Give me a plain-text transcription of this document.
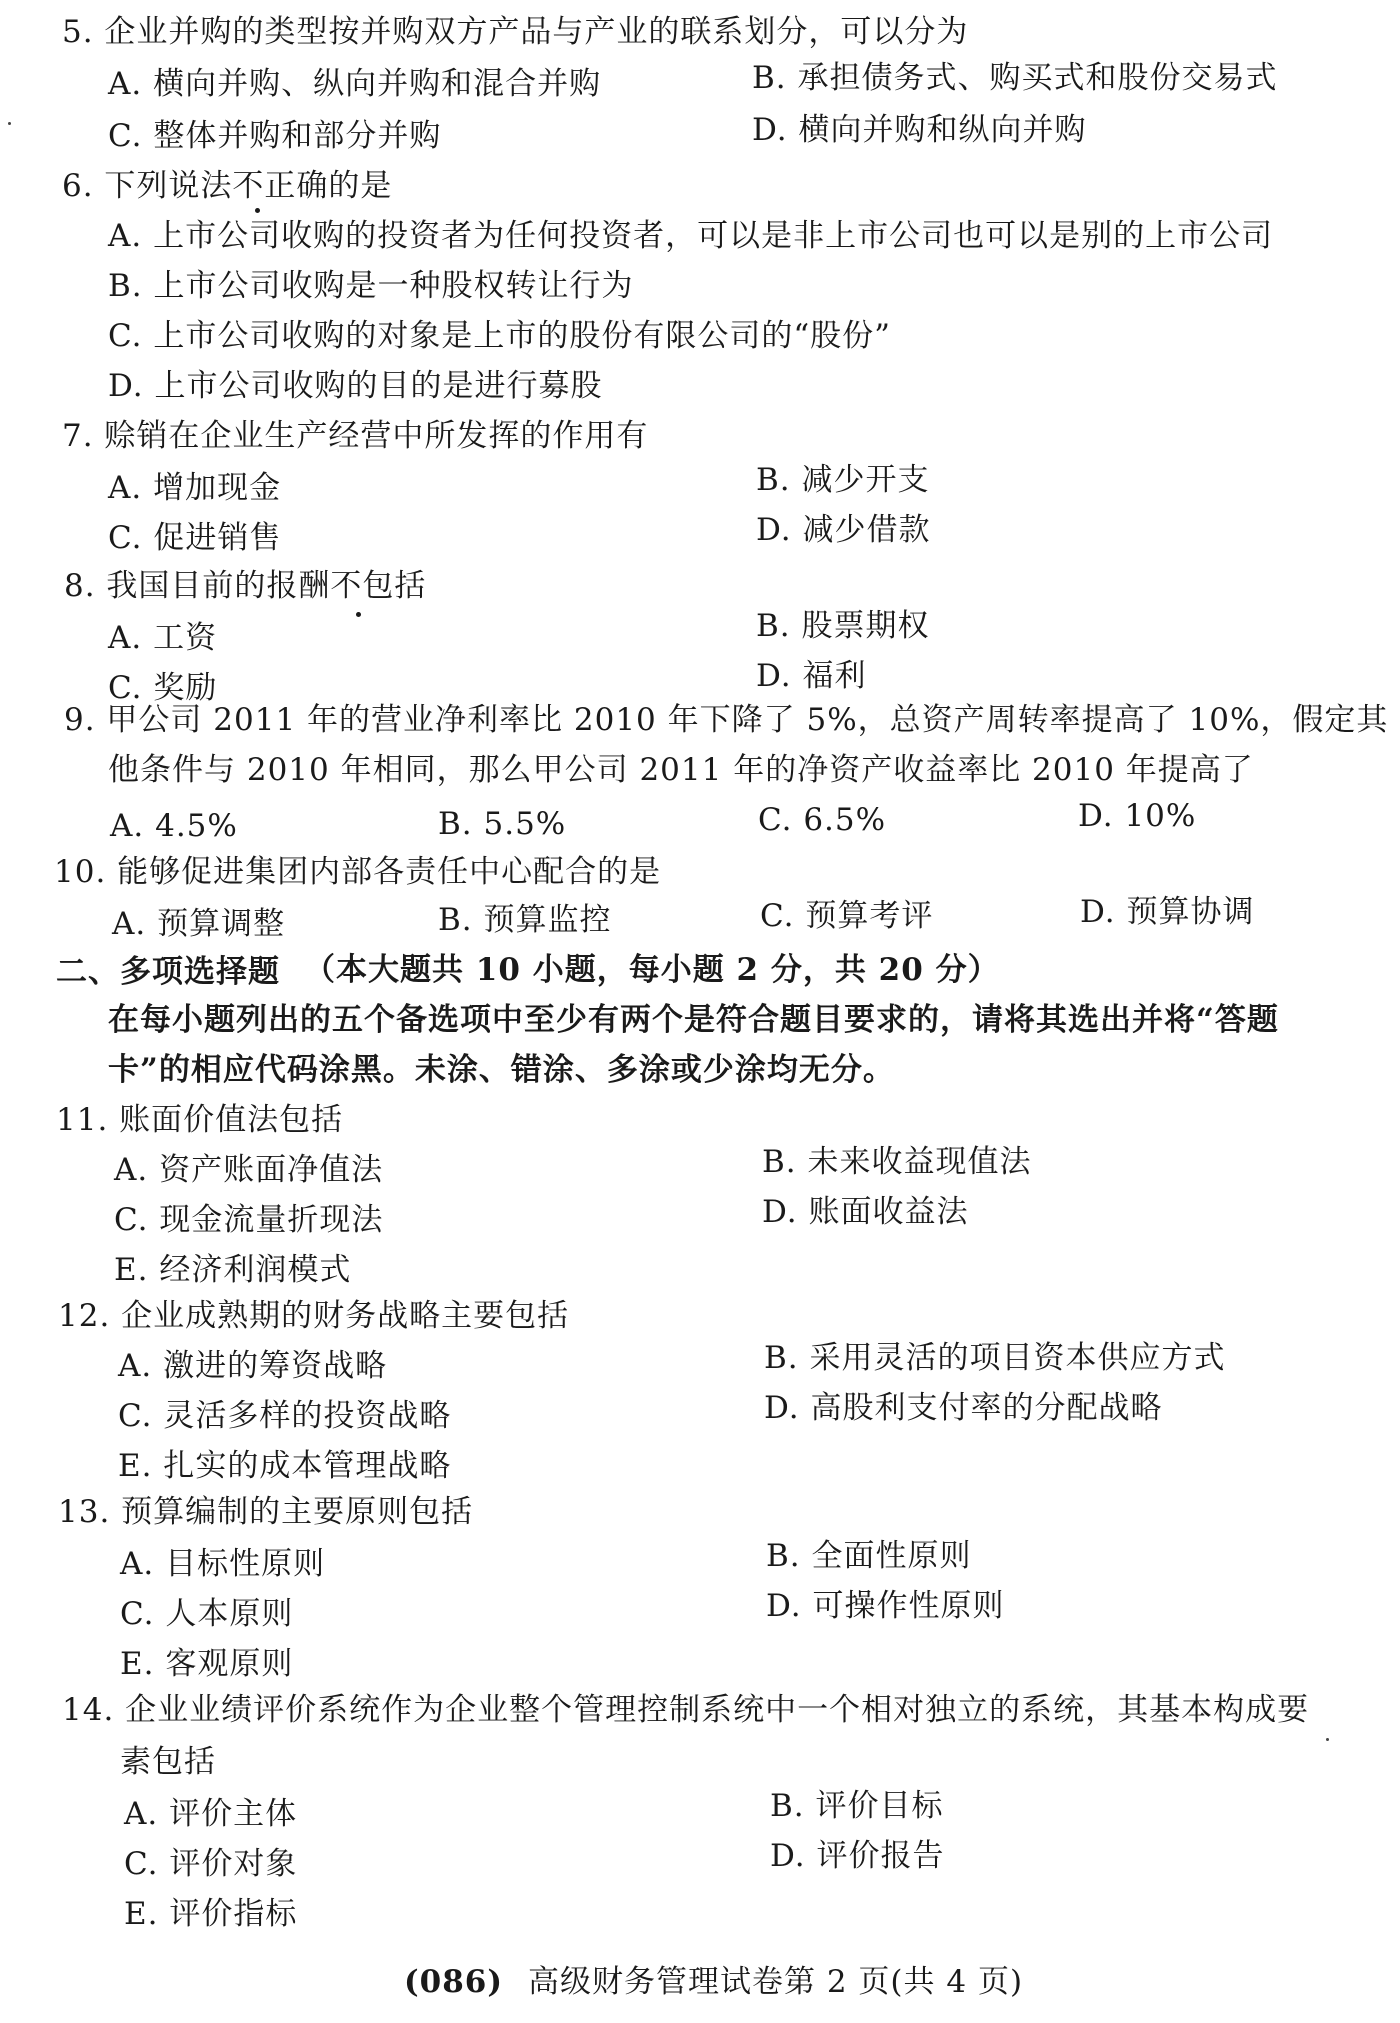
5. 企业并购的类型按并购双方产品与产业的联系划分，可以分为
A. 横向并购、纵向并购和混合并购	B. 承担债务式、购买式和股份交易式
C. 整体并购和部分并购	D. 横向并购和纵向并购
6. 下列说法不正确的是
A. 上市公司收购的投资者为任何投资者，可以是非上市公司也可以是别的上市公司
B. 上市公司收购是一种股权转让行为
C. 上市公司收购的对象是上市的股份有限公司的“股份”
D. 上市公司收购的目的是进行募股
7. 赊销在企业生产经营中所发挥的作用有
A. 增加现金	B. 减少开支
C. 促进销售	D. 减少借款
8. 我国目前的报酬不包括
A. 工资	B. 股票期权
C. 奖励	D. 福利
9. 甲公司 2011 年的营业净利率比 2010 年下降了 5%，总资产周转率提高了 10%，假定其
他条件与 2010 年相同，那么甲公司 2011 年的净资产收益率比 2010 年提高了
A. 4.5%	B. 5.5%	C. 6.5%	D. 10%
10. 能够促进集团内部各责任中心配合的是
A. 预算调整	B. 预算监控	C. 预算考评	D. 预算协调
二、多项选择题 （本大题共 10 小题，每小题 2 分，共 20 分）
在每小题列出的五个备选项中至少有两个是符合题目要求的，请将其选出并将“答题
卡”的相应代码涂黑。未涂、错涂、多涂或少涂均无分。
11. 账面价值法包括
A. 资产账面净值法	B. 未来收益现值法
C. 现金流量折现法	D. 账面收益法
E. 经济利润模式
12. 企业成熟期的财务战略主要包括
A. 激进的筹资战略	B. 采用灵活的项目资本供应方式
C. 灵活多样的投资战略	D. 高股利支付率的分配战略
E. 扎实的成本管理战略
13. 预算编制的主要原则包括
A. 目标性原则	B. 全面性原则
C. 人本原则	D. 可操作性原则
E. 客观原则
14. 企业业绩评价系统作为企业整个管理控制系统中一个相对独立的系统，其基本构成要
素包括
A. 评价主体	B. 评价目标
C. 评价对象	D. 评价报告
E. 评价指标
(086) 高级财务管理试卷第 2 页(共 4 页)
